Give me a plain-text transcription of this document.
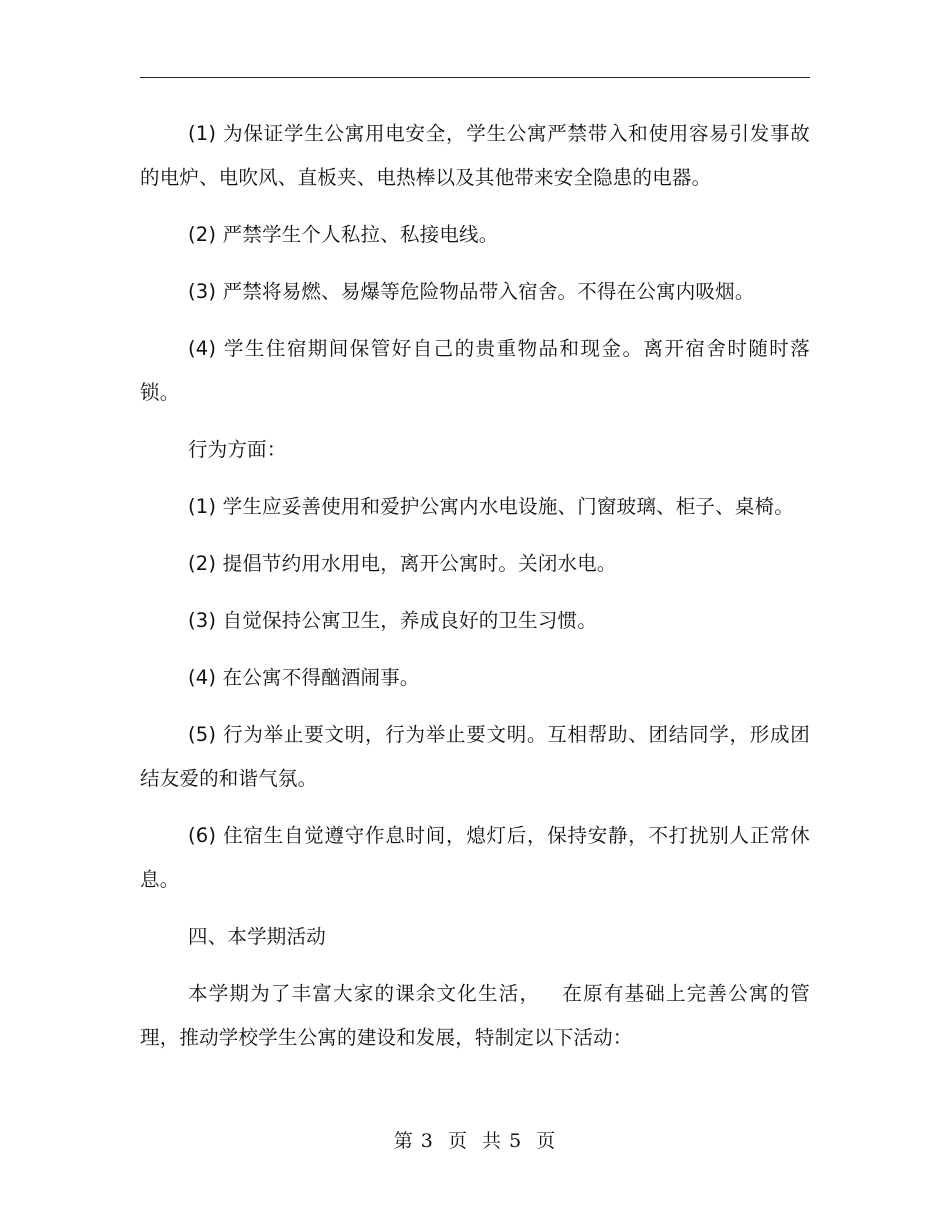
(1) 为保证学生公寓用电安全，学生公寓严禁带入和使用容易引发事故的电炉、电吹风、直板夹、电热棒以及其他带来安全隐患的电器。

(2) 严禁学生个人私拉、私接电线。

(3) 严禁将易燃、易爆等危险物品带入宿舍。不得在公寓内吸烟。

(4) 学生住宿期间保管好自己的贵重物品和现金。离开宿舍时随时落锁。

行为方面：

(1) 学生应妥善使用和爱护公寓内水电设施、门窗玻璃、柜子、桌椅。

(2) 提倡节约用水用电，离开公寓时。关闭水电。

(3) 自觉保持公寓卫生，养成良好的卫生习惯。

(4) 在公寓不得酗酒闹事。

(5) 行为举止要文明，行为举止要文明。互相帮助、团结同学，形成团结友爱的和谐气氛。

(6) 住宿生自觉遵守作息时间，熄灯后，保持安静，不打扰别人正常休息。

四、本学期活动

本学期为了丰富大家的课余文化生活，   在原有基础上完善公寓的管理，推动学校学生公寓的建设和发展，特制定以下活动：

第 3  页  共 5  页
